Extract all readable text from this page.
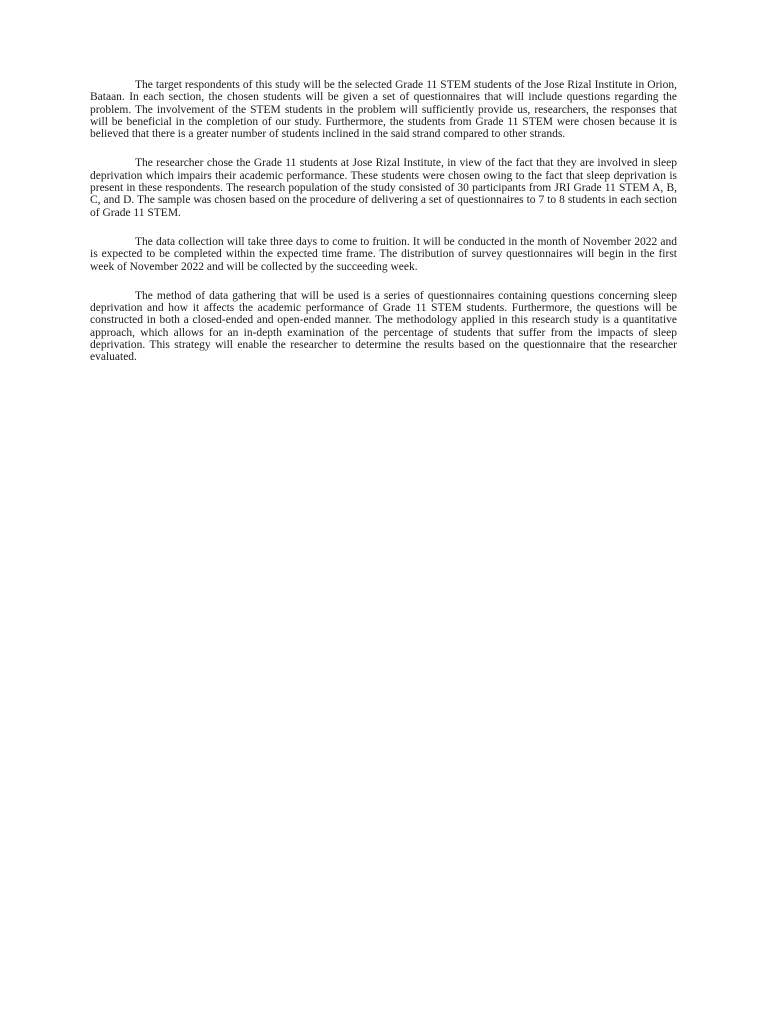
The target respondents of this study will be the selected Grade 11 STEM students of the Jose Rizal Institute in Orion, Bataan. In each section, the chosen students will be given a set of questionnaires that will include questions regarding the problem. The involvement of the STEM students in the problem will sufficiently provide us, researchers, the responses that will be beneficial in the completion of our study. Furthermore, the students from Grade 11 STEM were chosen because it is believed that there is a greater number of students inclined in the said strand compared to other strands.

The researcher chose the Grade 11 students at Jose Rizal Institute, in view of the fact that they are involved in sleep deprivation which impairs their academic performance. These students were chosen owing to the fact that sleep deprivation is present in these respondents. The research population of the study consisted of 30 participants from JRI Grade 11 STEM A, B, C, and D. The sample was chosen based on the procedure of delivering a set of questionnaires to 7 to 8 students in each section of Grade 11 STEM.

The data collection will take three days to come to fruition. It will be conducted in the month of November 2022 and is expected to be completed within the expected time frame. The distribution of survey questionnaires will begin in the first week of November 2022 and will be collected by the succeeding week.

The method of data gathering that will be used is a series of questionnaires containing questions concerning sleep deprivation and how it affects the academic performance of Grade 11 STEM students. Furthermore, the questions will be constructed in both a closed-ended and open-ended manner. The methodology applied in this research study is a quantitative approach, which allows for an in-depth examination of the percentage of students that suffer from the impacts of sleep deprivation. This strategy will enable the researcher to determine the results based on the questionnaire that the researcher evaluated.
